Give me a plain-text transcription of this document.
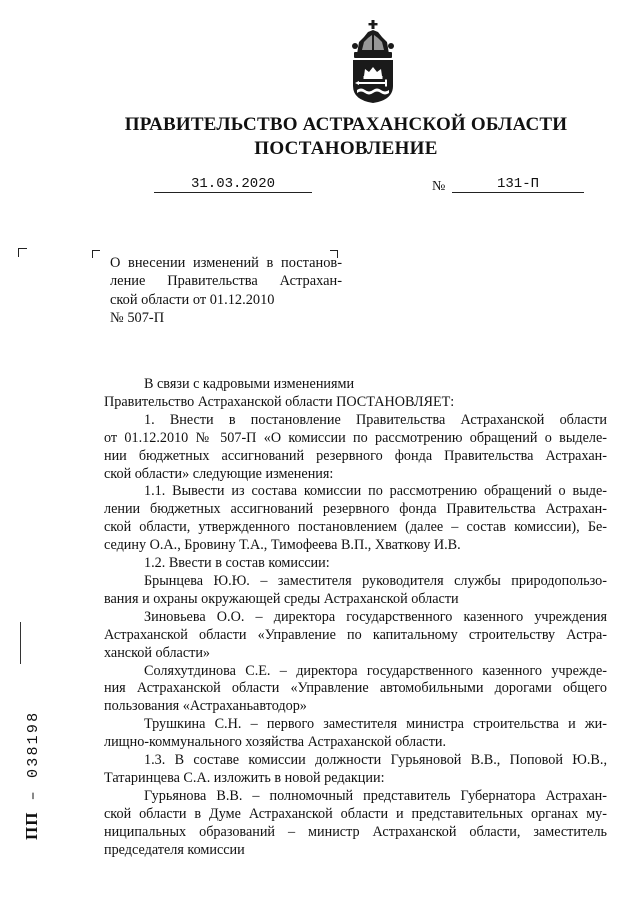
ПРАВИТЕЛЬСТВО АСТРАХАНСКОЙ ОБЛАСТИ
ПОСТАНОВЛЕНИЕ
31.03.2020	№	131-П
О внесении изменений в постанов-
ление Правительства Астрахан-
ской области от 01.12.2010
№ 507-П
В связи с кадровыми изменениями
Правительство Астраханской области ПОСТАНОВЛЯЕТ:
1. Внести в постановление Правительства Астраханской области
от 01.12.2010 № 507-П «О комиссии по рассмотрению обращений о выделе-
нии бюджетных ассигнований резервного фонда Правительства Астрахан-
ской области» следующие изменения:
1.1. Вывести из состава комиссии по рассмотрению обращений о выде-
лении бюджетных ассигнований резервного фонда Правительства Астрахан-
ской области, утвержденного постановлением (далее – состав комиссии), Бе-
седину О.А., Бровину Т.А., Тимофеева В.П., Хваткову И.В.
1.2. Ввести в состав комиссии:
Брынцева Ю.Ю. – заместителя руководителя службы природопользо-
вания и охраны окружающей среды Астраханской области
Зиновьева О.О. – директора государственного казенного учреждения
Астраханской области «Управление по капитальному строительству Астра-
ханской области»
Соляхутдинова С.Е. – директора государственного казенного учрежде-
ния Астраханской области «Управление автомобильными дорогами общего
пользования «Астраханьавтодор»
Трушкина С.Н. – первого заместителя министра строительства и жи-
лищно-коммунального хозяйства Астраханской области.
1.3. В составе комиссии должности Гурьяновой В.В., Поповой Ю.В.,
Татаринцева С.А. изложить в новой редакции:
Гурьянова В.В. – полномочный представитель Губернатора Астрахан-
ской области в Думе Астраханской области и представительных органах му-
ниципальных образований – министр Астраханской области, заместитель
председателя комиссии
ПП – 038198
